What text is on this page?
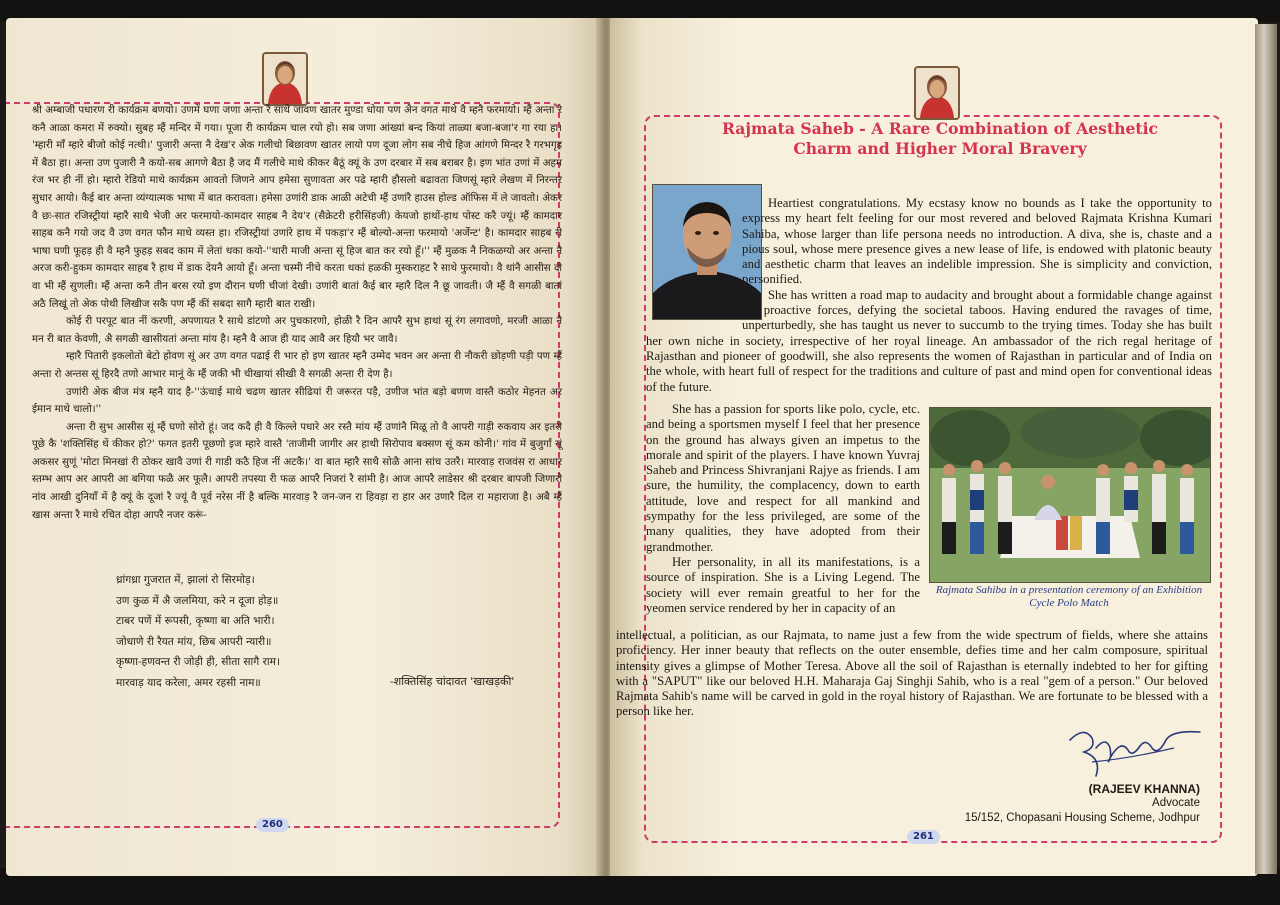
श्री अम्बाजी पधारण री कार्यक्रम बणयो। उणमें घणा जणा अन्ता रै साथे जावण खातर मुण्डा धोया पण अैन वगत माथे वै म्हनै फरमायो। म्हैं अन्ता रै कनै आळा कमरा में रुक्यो। सुबह म्हैं मन्दिर में गया। पूजा री कार्यक्रम चाल रयो हो। सब जणा आंख्यां बन्द कियां ताळ्या बजा-बजा'र गा रया हा। 'म्हारी माँ म्हारे बीजो कोई नत्थी।' पुजारी अन्ता नै देख'र अेक गलीचो बिछावण खातर लायो पण दूजा लोग सब नीचे हिज आंगणे मिन्दर रै गरभगृह में बैठा हा। अन्ता उण पुजारी नै कयो-सब आगणे बैठा है जद मैं गलीचे माथे कीकर बैठूं क्यूं के उण दरबार में सब बराबर है। इण भांत उणां में अहम रंज भर ही नीं हो। म्हारो रेडियो माथे कार्यक्रम आवतो जिणने आप हमेसा सुणावता अर पढे म्हारी हौसलो बढावता जिणसूं म्हारे लेखण में निरन्तर सुधार आयो। कैई बार अन्ता व्यंग्यात्मक भाषा में बात करावता। हमेसा उणांरी डाक आळी अटेची म्हैं उणांरै हाउस होल्ड ऑफिस में ले जावतो। अेकर वै छः-सात रजिस्ट्रीयां म्हारै साथै भेजी अर फरमायो-कामदार साहब नै देय'र (सैक्रेटरी हरीसिंहजी) केयजो हाथों-हाथ पोस्ट करै ज्यूं। म्हैं कामदार साहब कनै गयो जद वै उण वगत फौन माथे व्यस्त हा। रजिस्ट्रीयां उणांरे हाथ में पकड़ा'र म्हैं बोल्यो-अन्ता फरमायो 'अर्जेन्ट' है। कामदार साहब री भाषा घणी फूहड़ ही वै म्हनै फुहड़ सबद काम में लेतां थका कयो-''थारी माजी अन्ता सूं हिज बात कर रयो हूँ।'' म्हैं मुळक नै निकळग्यो अर अन्ता नै अरज करी-हुकम कामदार साहब रै हाथ में डाक देयनै आयो हूँ। अन्ता चस्मी नीचे करता थकां हळकी मुस्कराहट रै साथे फुरमायो। वै थांनै आसीस दी वा भी म्हैं सुणली। म्हैं अन्ता कनै तीन बरस रयो इण दौरान घणी चीजां देखी। उणांरी बातां कैई बार म्हारै दिल नै छू जावती। जै म्हैं वै सगळी बातां अठै लिखूं तो अेक पोथी लिखीज सकै पण म्हैं कीं सबदा सागै म्हारी बात राखी।

कोई री परपूट बात नीं करणी, अपणायत रै साथे डांटणो अर पुचकारणो, होळी रै दिन आपरै सुभ हाथां सूं रंग लगावणो, मरजी आळा नै मन री बात केवणी, अै सगळी खासीयतां अन्ता मांय है। म्हनै वै आज ही याद आवै अर हियौ भर जावै।

म्हारै पितारी इकलोतो बेटो होवण सूं अर उण वगत पढाई री भार हो इण खातर म्हनै उम्मेद भवन अर अन्ता री नौकरी छोड़णी पड़ी पण म्हैं अन्ता रो अन्तस सूं हिरदै तणो आभार मानूं के म्हैं जकी भी चीखायां सीखी वै सगळी अन्ता री देण है।

उणांरी अेक बीज मंत्र म्हनै याद है-''ऊंचाई माथे चढण खातर सीढियां री जरूरत पड़ै, उणीज भांत बड़ो बणण वास्तै कठोर मेहनत अर ईमान माथे चालो।''

अन्ता री सुभ आसीस सूं म्हैं घणो सोरो हूं। जद कदै ही वै किल्ले पधारे अर रस्तै मांय म्हैं उणांनै मिळू तो वै आपरी गाड़ी रुकवाय अर इतरी पूछे कै 'शक्तिसिंह थें कीकर हो?' फगत इतरी पूछणो इज म्हारे वास्तै 'ताजीमी जागीर अर हाथी सिरोपाव बक्सण सूं कम कोनी।' गांव में बुजुर्गां सूं अकसर सुणूं 'मोटा मिनखां री ठोकर खावै उणां री गाडी कठै हिज नीं अटकै।' वा बात म्हारै साथै सोळै आना सांच उतरै। मारवाड़ राजवंस रा आधार स्तम्भ आप अर आपरी आ बगिया फळै अर फूलै। आपरी तपस्या री फळ आपरै निजरां रै सांमी है। आज आपरै लाडेसर श्री दरबार बापजी जिणारो नांव आखी दुनियाँ में है क्यूं के दूजां रै ज्यूं वै पूर्व नरेस नीं है बल्कि मारवाड़ रै जन-जन रा हिवड़ा रा हार अर उणारै दिल रा महाराजा है। अबै म्हैं खास अन्ता रै माथे रचित दोहा आपरै नजर करूं-

ध्रांगध्रा गुजरात में, झालां रो सिरमोड़।
उण कुळ में अै जलमिया, करे न दूजा होड़॥
टाबर पणें में रूपसी, कृष्णा बा अति भारी।
जोधाणे री रैयत मांय, छिब आपरी न्यारी॥
कृष्णा-हणवन्त री जोड़ी ही, सीता सागै राम।
मारवाड़ याद करेला, अमर रहसी नाम॥	-शक्तिसिंह चांदावत 'खाखड़की'
260
Rajmata Saheb - A Rare Combination of Aesthetic Charm and Higher Moral Bravery

Heartiest congratulations. My ecstasy know no bounds as I take the opportunity to express my heart felt feeling for our most revered and beloved Rajmata Krishna Kumari Sahiba, whose larger than life persona needs no introduction. A diva, she is, chaste and a pious soul, whose mere presence gives a new lease of life, is endowed with platonic beauty and aesthetic charm that leaves an indelible impression. She is simplicity and conviction, personified.

She has written a road map to audacity and brought about a formidable change against the proactive forces, defying the societal taboos. Having endured the ravages of time, unperturbedly, she has taught us never to succumb to the trying times. Today she has built her own niche in society, irrespective of her royal lineage. An ambassador of the rich regal heritage of Rajasthan and pioneer of goodwill, she also represents the women of Rajasthan in particular and of India on the whole, with heart full of respect for the traditions and culture of past and mind open for conventional ideas of the future.

She has a passion for sports like polo, cycle, etc. and being a sportsmen myself I feel that her presence on the ground has always given an impetus to the morale and spirit of the players. I have known Yuvraj Saheb and Princess Shivranjani Rajye as friends. I am sure, the humility, the complacency, down to earth attitude, love and respect for all mankind and sympathy for the less privileged, are some of the many qualities, they have adopted from their grandmother.

Her personality, in all its manifestations, is a source of inspiration. She is a Living Legend. The society will ever remain greatful to her for the yeomen service rendered by her in capacity of an

Rajmata Sahiba in a presentation ceremony of an Exhibition Cycle Polo Match

intellectual, a politician, as our Rajmata, to name just a few from the wide spectrum of fields, where she attains proficiency. Her inner beauty that reflects on the outer ensemble, defies time and her calm composure, spiritual intensity gives a glimpse of Mother Teresa. Above all the soil of Rajasthan is eternally indebted to her for gifting with a "SAPUT" like our beloved H.H. Maharaja Gaj Singhji Sahib, who is a real "gem of a person." Our beloved Rajmata Sahib's name will be carved in gold in the royal history of Rajasthan. We are fortunate to be blessed with a person like her.

(RAJEEV KHANNA)
Advocate
15/152, Chopasani Housing Scheme, Jodhpur
261
